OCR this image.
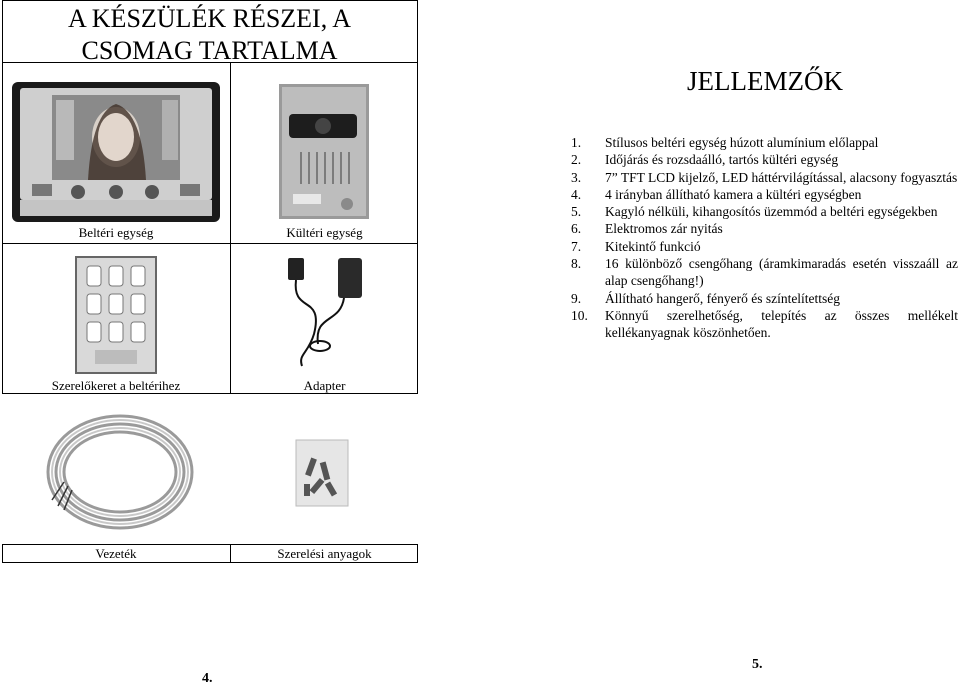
A KÉSZÜLÉK RÉSZEI, A
CSOMAG TARTALMA
Beltéri egység	Kültéri egység
Szerelőkeret a beltérihez	Adapter
Vezeték	Szerelési anyagok
4.
JELLEMZŐK
1.	Stílusos beltéri egység húzott alumínium előlappal
2.	Időjárás és rozsdaálló, tartós kültéri egység
3.	7” TFT LCD kijelző, LED háttérvilágítással, alacsony fogyasztás
4.	4 irányban állítható kamera a kültéri egységben
5.	Kagyló nélküli, kihangosítós üzemmód a beltéri egységekben
6.	Elektromos zár nyitás
7.	Kitekintő funkció
8.	16 különböző csengőhang (áramkimaradás esetén visszaáll az alap csengőhang!)
9.	Állítható hangerő, fényerő és színtelítettség
10.	Könnyű szerelhetőség, telepítés az összes mellékelt kellékanyagnak köszönhetően.
5.
